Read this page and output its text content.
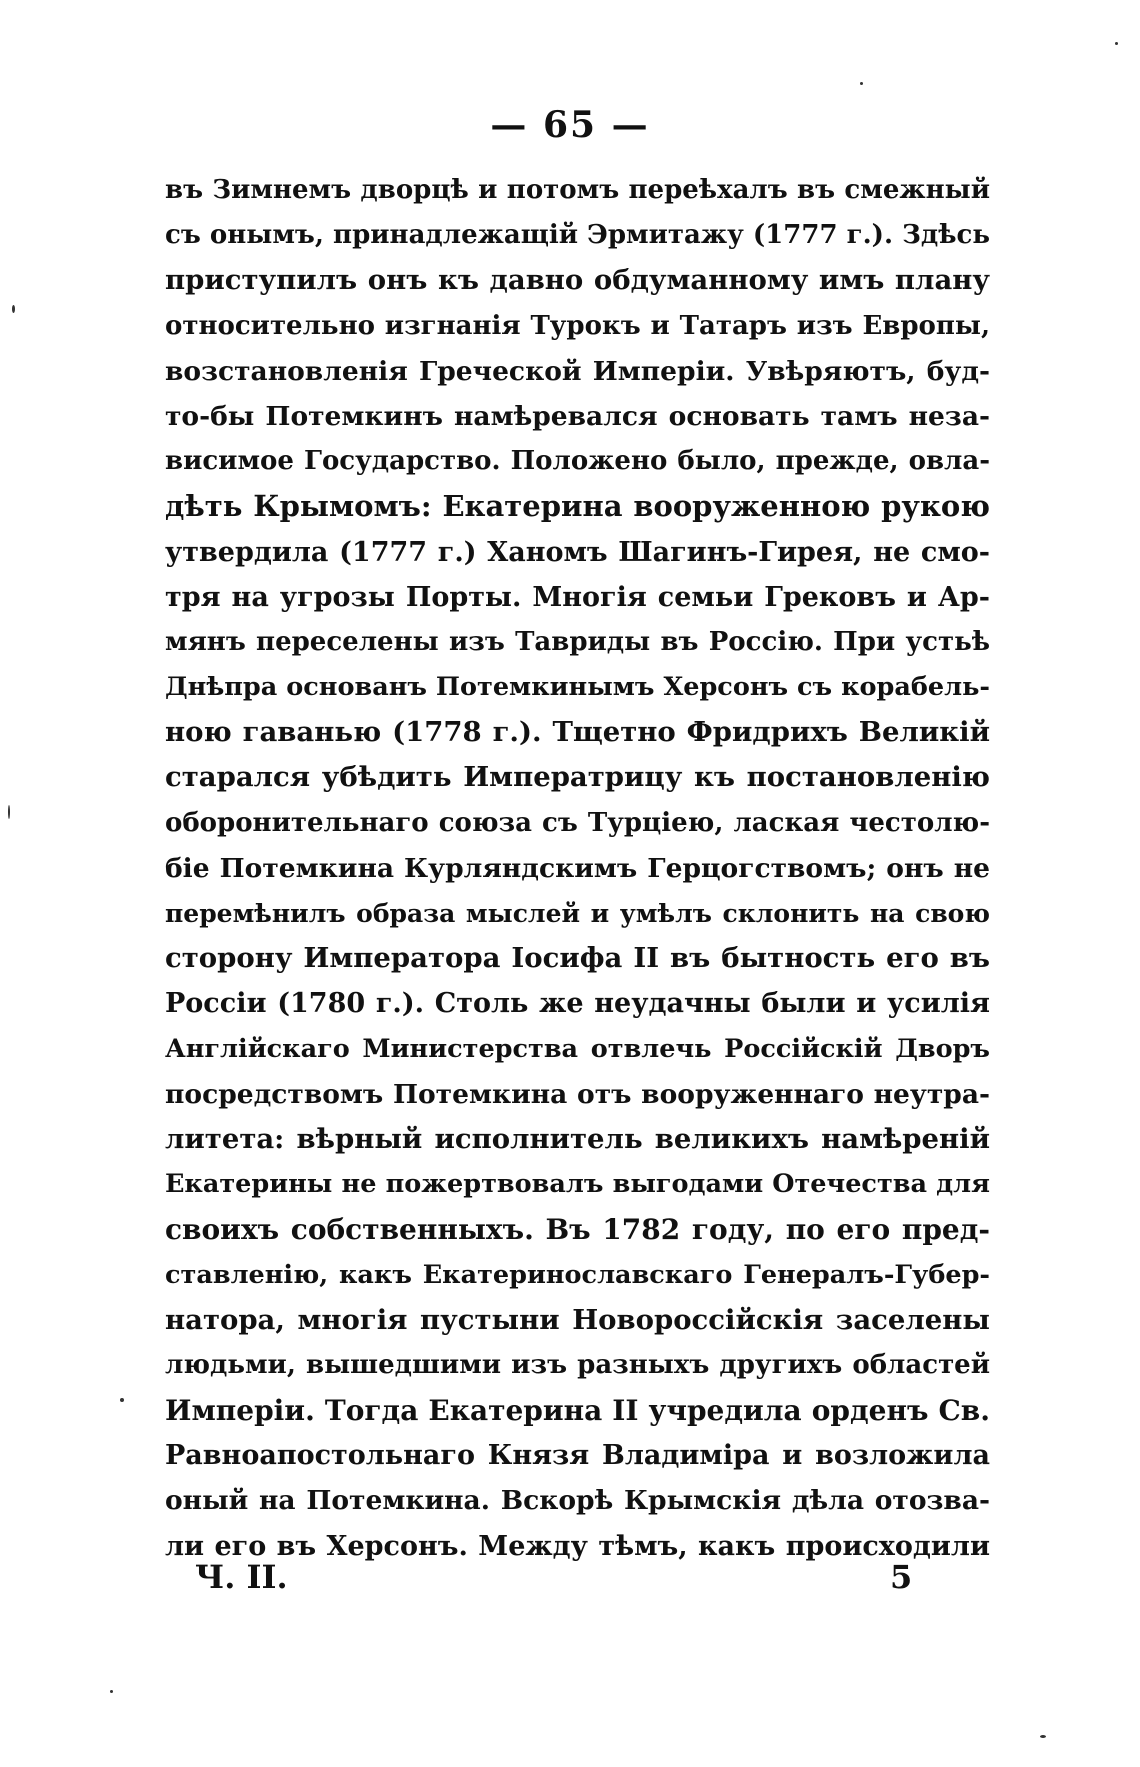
— 65 —
въ Зимнемъ дворцѣ и потомъ переѣхалъ въ смежный
съ онымъ, принадлежащій Эрмитажу (1777 г.). Здѣсь
приступилъ онъ къ давно обдуманному имъ плану
относительно изгнанія Турокъ и Татаръ изъ Европы,
возстановленія Греческой Имперіи. Увѣряютъ, буд-
то-бы Потемкинъ намѣревался основать тамъ неза-
висимое Государство. Положено было, прежде, овла-
дѣть Крымомъ: Екатерина вооруженною рукою
утвердила (1777 г.) Ханомъ Шагинъ-Гирея, не смо-
тря на угрозы Порты. Многія семьи Грековъ и Ар-
мянъ переселены изъ Тавриды въ Россію. При устьѣ
Днѣпра основанъ Потемкинымъ Херсонъ съ корабель-
ною гаванью (1778 г.). Тщетно Фридрихъ Великій
старался убѣдить Императрицу къ постановленію
оборонительнаго союза съ Турціею, лаская честолю-
біе Потемкина Курляндскимъ Герцогствомъ; онъ не
перемѣнилъ образа мыслей и умѣлъ склонить на свою
сторону Императора Іосифа II въ бытность его въ
Россіи (1780 г.). Столь же неудачны были и усилія
Англійскаго Министерства отвлечь Россійскій Дворъ
посредствомъ Потемкина отъ вооруженнаго неутра-
литета: вѣрный исполнитель великихъ намѣреній
Екатерины не пожертвовалъ выгодами Отечества для
своихъ собственныхъ. Въ 1782 году, по его пред-
ставленію, какъ Екатеринославскаго Генералъ-Губер-
натора, многія пустыни Новороссійскія заселены
людьми, вышедшими изъ разныхъ другихъ областей
Имперіи. Тогда Екатерина II учредила орденъ Св.
Равноапостольнаго Князя Владиміра и возложила
оный на Потемкина. Вскорѣ Крымскія дѣла отозва-
ли его въ Херсонъ. Между тѣмъ, какъ происходили
Ч. II.	5
